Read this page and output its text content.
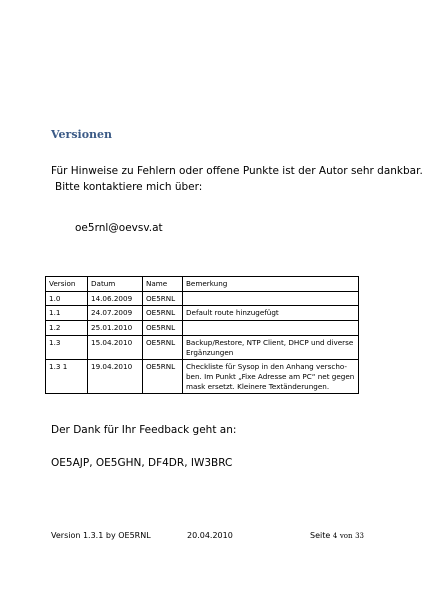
Versionen
Für Hinweise zu Fehlern oder offene Punkte ist der Autor sehr dankbar.
Bitte kontaktiere mich über:
oe5rnl@oevsv.at
Version	Datum	Name	Bemerkung
1.0	14.06.2009	OE5RNL	
1.1	24.07.2009	OE5RNL	Default route hinzugefügt
1.2	25.01.2010	OE5RNL	
1.3	15.04.2010	OE5RNL	Backup/Restore, NTP Client, DHCP und diverse Ergänzungen
1.3 1	19.04.2010	OE5RNL	Checkliste für Sysop in den Anhang verscho-ben. Im Punkt „Fixe Adresse am PC“ net gegen mask ersetzt. Kleinere Textänderungen.
Der Dank für Ihr Feedback geht an:
OE5AJP, OE5GHN, DF4DR, IW3BRC
Version 1.3.1 by OE5RNL	20.04.2010	Seite 4 von 33
